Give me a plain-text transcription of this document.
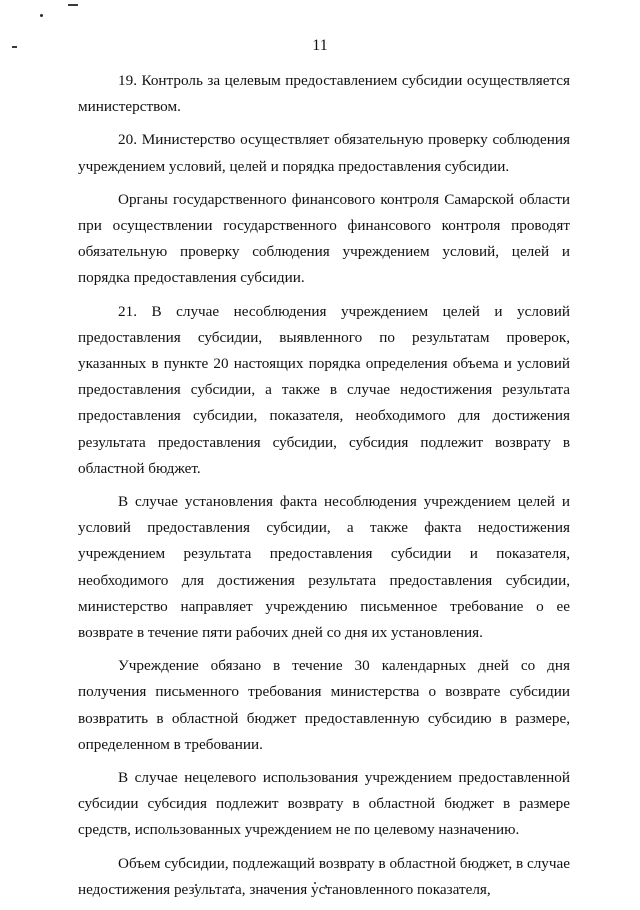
11

19. Контроль за целевым предоставлением субсидии осуществляется министерством.

20. Министерство осуществляет обязательную проверку соблюдения учреждением условий, целей и порядка предоставления субсидии.

Органы государственного финансового контроля Самарской области при осуществлении государственного финансового контроля проводят обязательную проверку соблюдения учреждением условий, целей и порядка предоставления субсидии.

21. В случае несоблюдения учреждением целей и условий предоставления субсидии, выявленного по результатам проверок, указанных в пункте 20 настоящих порядка определения объема и условий предоставления субсидии, а также в случае недостижения результата предоставления субсидии, показателя, необходимого для достижения результата предоставления субсидии, субсидия подлежит возврату в областной бюджет.

В случае установления факта несоблюдения учреждением целей и условий предоставления субсидии, а также факта недостижения учреждением результата предоставления субсидии и показателя, необходимого для достижения результата предоставления субсидии, министерство направляет учреждению письменное требование о ее возврате в течение пяти рабочих дней со дня их установления.

Учреждение обязано в течение 30 календарных дней со дня получения письменного требования министерства о возврате субсидии возвратить в областной бюджет предоставленную субсидию в размере, определенном в требовании.

В случае нецелевого использования учреждением предоставленной субсидии субсидия подлежит возврату в областной бюджет в размере средств, использованных учреждением не по целевому назначению.

Объем субсидии, подлежащий возврату в областной бюджет, в случае недостижения результата, значения установленного показателя,
